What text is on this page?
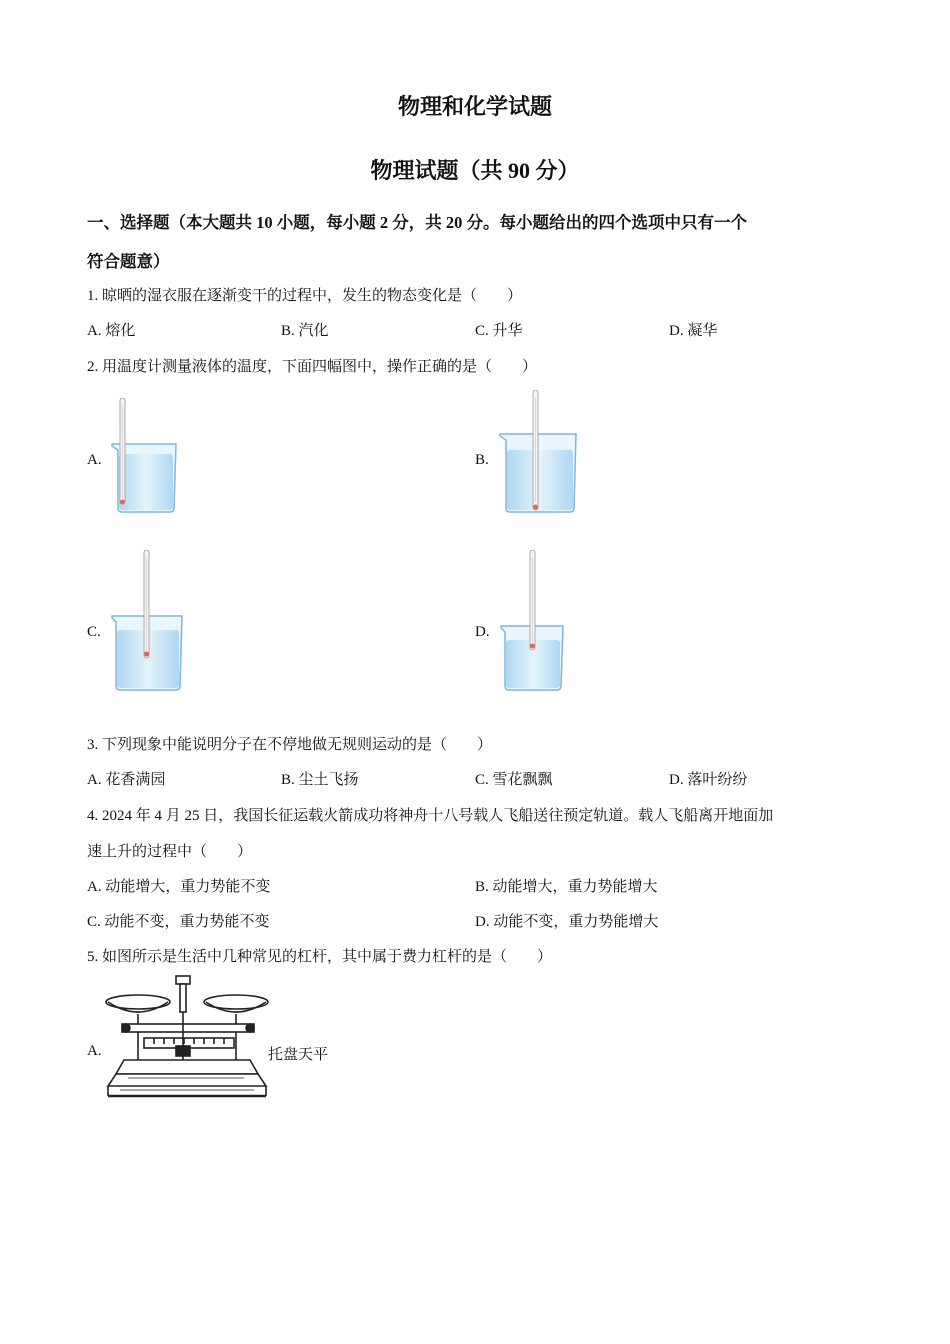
物理和化学试题
物理试题（共 90 分）
一、选择题（本大题共 10 小题，每小题 2 分，共 20 分。每小题给出的四个选项中只有一个
符合题意）
1. 晾晒的湿衣服在逐渐变干的过程中，发生的物态变化是（　　）
A. 熔化	B. 汽化	C. 升华	D. 凝华
2. 用温度计测量液体的温度，下面四幅图中，操作正确的是（　　）
A.	B.
C.	D.
3. 下列现象中能说明分子在不停地做无规则运动的是（　　）
A. 花香满园	B. 尘土飞扬	C. 雪花飘飘	D. 落叶纷纷
4. 2024 年 4 月 25 日，我国长征运载火箭成功将神舟十八号载人飞船送往预定轨道。载人飞船离开地面加
速上升的过程中（　　）
A. 动能增大，重力势能不变	B. 动能增大，重力势能增大
C. 动能不变，重力势能不变	D. 动能不变，重力势能增大
5. 如图所示是生活中几种常见的杠杆，其中属于费力杠杆的是（　　）
A.	托盘天平
